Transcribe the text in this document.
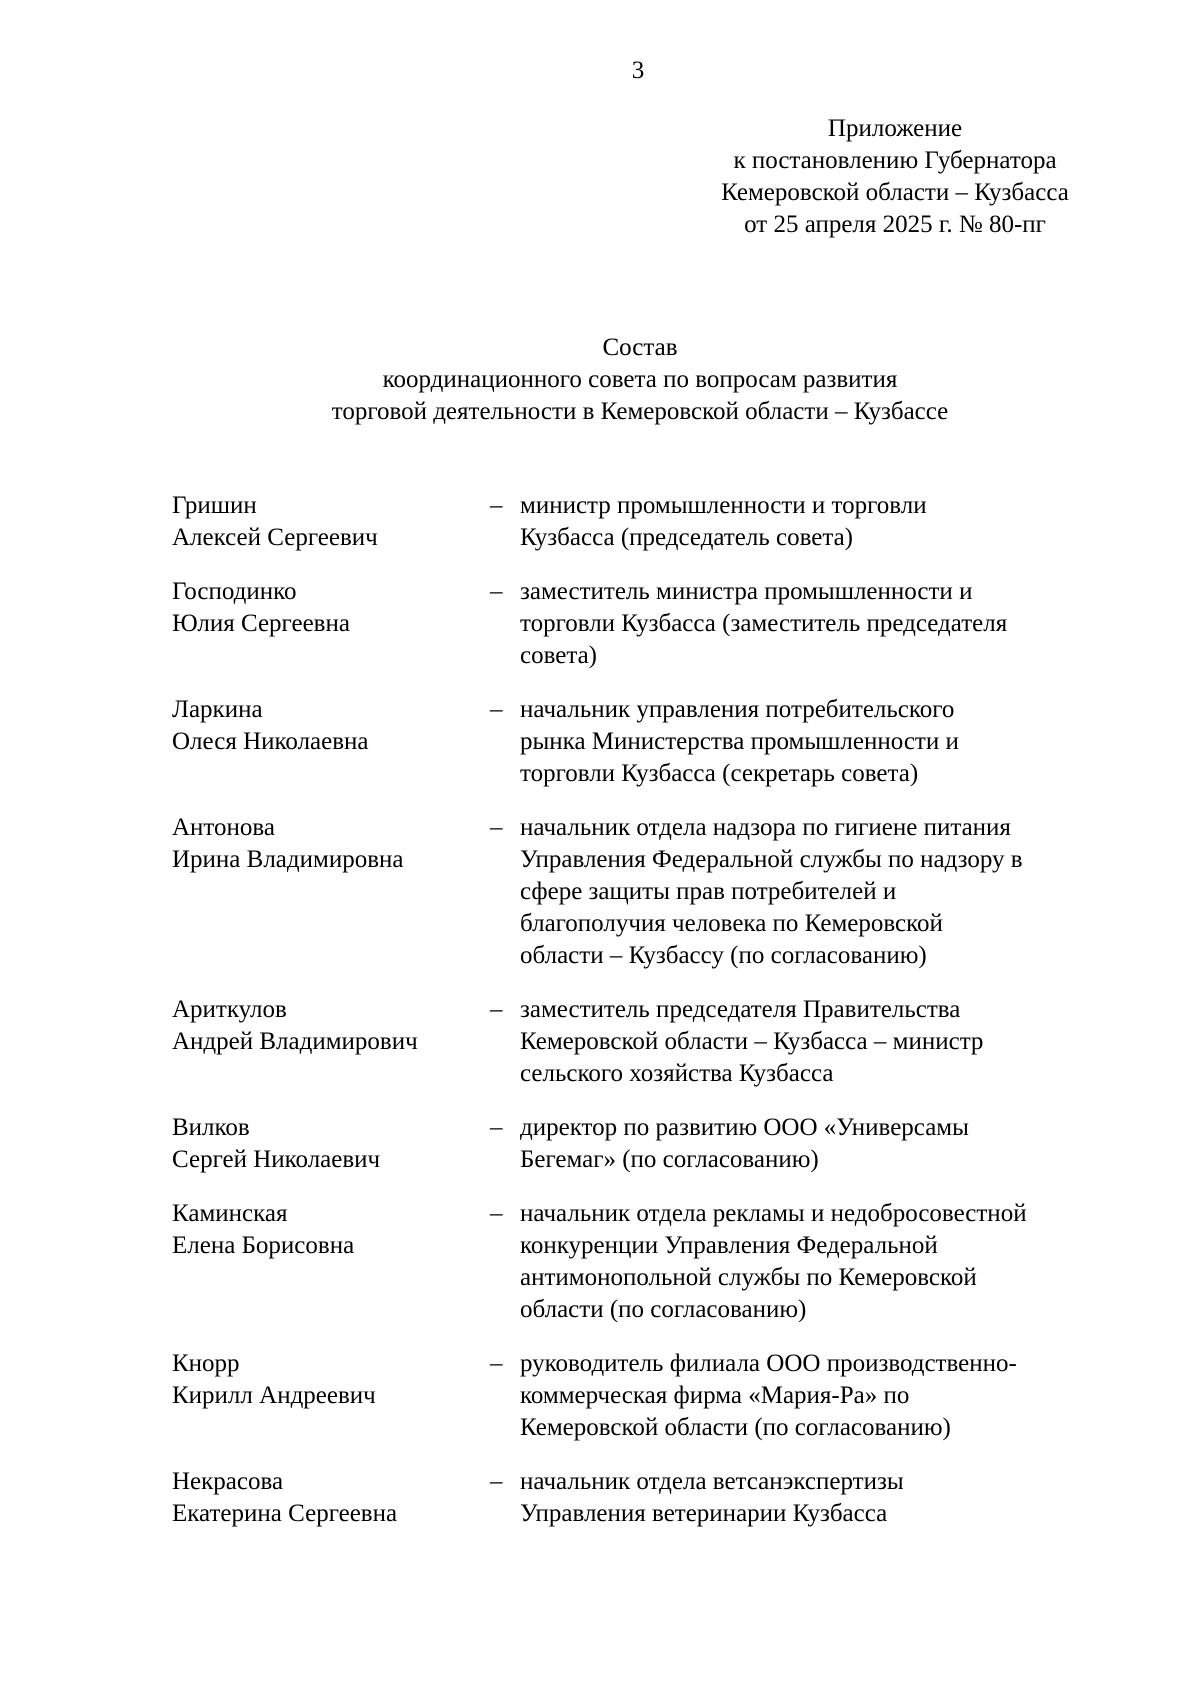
3
Приложение
к постановлению Губернатора
Кемеровской области – Кузбасса
от 25 апреля 2025 г. № 80-пг
Состав
координационного совета по вопросам развития
торговой деятельности в Кемеровской области – Кузбассе
Гришин
Алексей Сергеевич
– министр промышленности и торговли
Кузбасса (председатель совета)
Господинко
Юлия Сергеевна
– заместитель министра промышленности и
торговли Кузбасса (заместитель председателя
совета)
Ларкина
Олеся Николаевна
– начальник управления потребительского
рынка Министерства промышленности и
торговли Кузбасса (секретарь совета)
Антонова
Ирина Владимировна
– начальник отдела надзора по гигиене питания
Управления Федеральной службы по надзору в
сфере защиты прав потребителей и
благополучия человека по Кемеровской
области – Кузбассу (по согласованию)
Ариткулов
Андрей Владимирович
– заместитель председателя Правительства
Кемеровской области – Кузбасса – министр
сельского хозяйства Кузбасса
Вилков
Сергей Николаевич
– директор по развитию ООО «Универсамы
Бегемаг» (по согласованию)
Каминская
Елена Борисовна
– начальник отдела рекламы и недобросовестной
конкуренции Управления Федеральной
антимонопольной службы по Кемеровской
области (по согласованию)
Кнорр
Кирилл Андреевич
– руководитель филиала ООО производственно-
коммерческая фирма «Мария-Ра» по
Кемеровской области (по согласованию)
Некрасова
Екатерина Сергеевна
– начальник отдела ветсанэкспертизы
Управления ветеринарии Кузбасса
